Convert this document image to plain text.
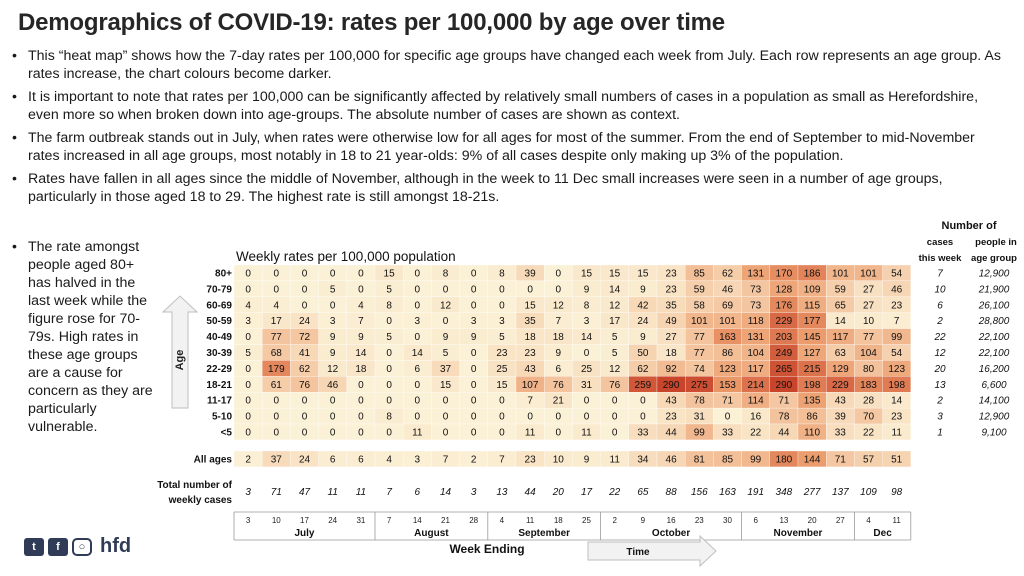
Demographics of COVID-19: rates per 100,000 by age over time
• This “heat map” shows how the 7-day rates per 100,000 for specific age groups have changed each week from July. Each row represents an age group. As rates increase, the chart colours become darker.
• It is important to note that rates per 100,000 can be significantly affected by relatively small numbers of cases in a population as small as Herefordshire, even more so when broken down into age-groups. The absolute number of cases are shown as context.
• The farm outbreak stands out in July, when rates were otherwise low for all ages for most of the summer. From the end of September to mid-November rates increased in all age groups, most notably in 18 to 21 year-olds: 9% of all cases despite only making up 3% of the population.
• Rates have fallen in all ages since the middle of November, although in the week to 11 Dec small increases were seen in a number of age groups, particularly in those aged 18 to 29. The highest rate is still amongst 18-21s.
• The rate amongst people aged 80+ has halved in the last week while the figure rose for 70-79s. High rates in these age groups are a cause for concern as they are particularly vulnerable.
Weekly rates per 100,000 population
Age
80+ 0 0 0 0 0 15 0 8 0 8 39 0 15 15 15 23 85 62 131 170 186 101 101 54
70-79 0 0 0 5 0 5 0 0 0 0 0 0 9 14 9 23 59 46 73 128 109 59 27 46
60-69 4 4 0 0 4 8 0 12 0 0 15 12 8 12 42 35 58 69 73 176 115 65 27 23
50-59 3 17 24 3 7 0 3 0 3 3 35 7 3 17 24 49 101 101 118 229 177 14 10 7
40-49 0 77 72 9 9 5 0 9 9 5 18 18 14 5 9 27 77 163 131 203 145 117 77 99
30-39 5 68 41 9 14 0 14 5 0 23 23 9 0 5 50 18 77 86 104 249 127 63 104 54
22-29 0 179 62 12 18 0 6 37 0 25 43 6 25 12 62 92 74 123 117 265 215 129 80 123
18-21 0 61 76 46 0 0 0 15 0 15 107 76 31 76 259 290 275 153 214 290 198 229 183 198
11-17 0 0 0 0 0 0 0 0 0 0 7 21 0 0 0 43 78 71 114 71 135 43 28 14
5-10 0 0 0 0 0 8 0 0 0 0 0 0 0 0 0 23 31 0 16 78 86 39 70 23
<5 0 0 0 0 0 0 11 0 0 0 11 0 11 0 33 44 99 33 22 44 110 33 22 11
All ages 2 37 24 6 6 4 3 7 2 7 23 10 9 11 34 46 81 85 99 180 144 71 57 51
Total number of
weekly cases
3 71 47 11 11 7 6 14 3 13 44 20 17 22 65 88 156 163 191 348 277 137 109 98
3	10 17 24 31	7	14 21 28	4	11 18 25	2	9	16 23 30	6	13 20 27	4	11
July	August	September	October	November	Dec
Week Ending	Time
Number of
cases
this week
people in
age group
7	12,900
10	21,900
6	26,100
2	28,800
22	22,100
12	22,100
20	16,200
13	6,600
2	14,100
3	12,900
1	9,100
t	f	○ hfd
